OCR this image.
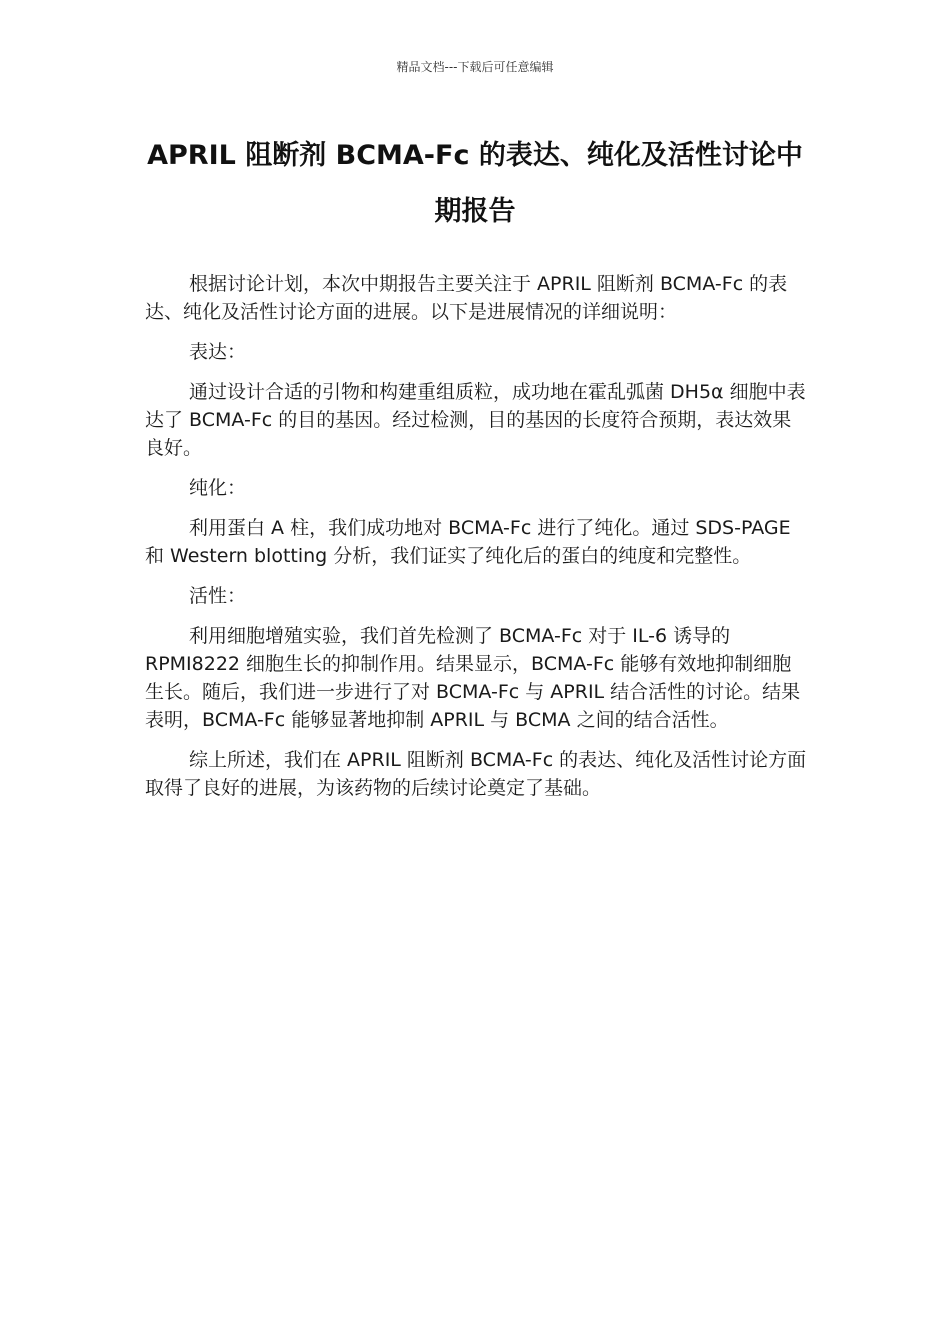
精品文档---下载后可任意编辑
APRIL 阻断剂 BCMA-Fc 的表达、纯化及活性讨论中期报告

根据讨论计划，本次中期报告主要关注于 APRIL 阻断剂 BCMA-Fc 的表达、纯化及活性讨论方面的进展。以下是进展情况的详细说明：

表达：

通过设计合适的引物和构建重组质粒，成功地在霍乱弧菌 DH5α 细胞中表达了 BCMA-Fc 的目的基因。经过检测，目的基因的长度符合预期，表达效果良好。

纯化：

利用蛋白 A 柱，我们成功地对 BCMA-Fc 进行了纯化。通过 SDS-PAGE 和 Western blotting 分析，我们证实了纯化后的蛋白的纯度和完整性。

活性：

利用细胞增殖实验，我们首先检测了 BCMA-Fc 对于 IL-6 诱导的 RPMI8222 细胞生长的抑制作用。结果显示，BCMA-Fc 能够有效地抑制细胞生长。随后，我们进一步进行了对 BCMA-Fc 与 APRIL 结合活性的讨论。结果表明，BCMA-Fc 能够显著地抑制 APRIL 与 BCMA 之间的结合活性。

综上所述，我们在 APRIL 阻断剂 BCMA-Fc 的表达、纯化及活性讨论方面取得了良好的进展，为该药物的后续讨论奠定了基础。
